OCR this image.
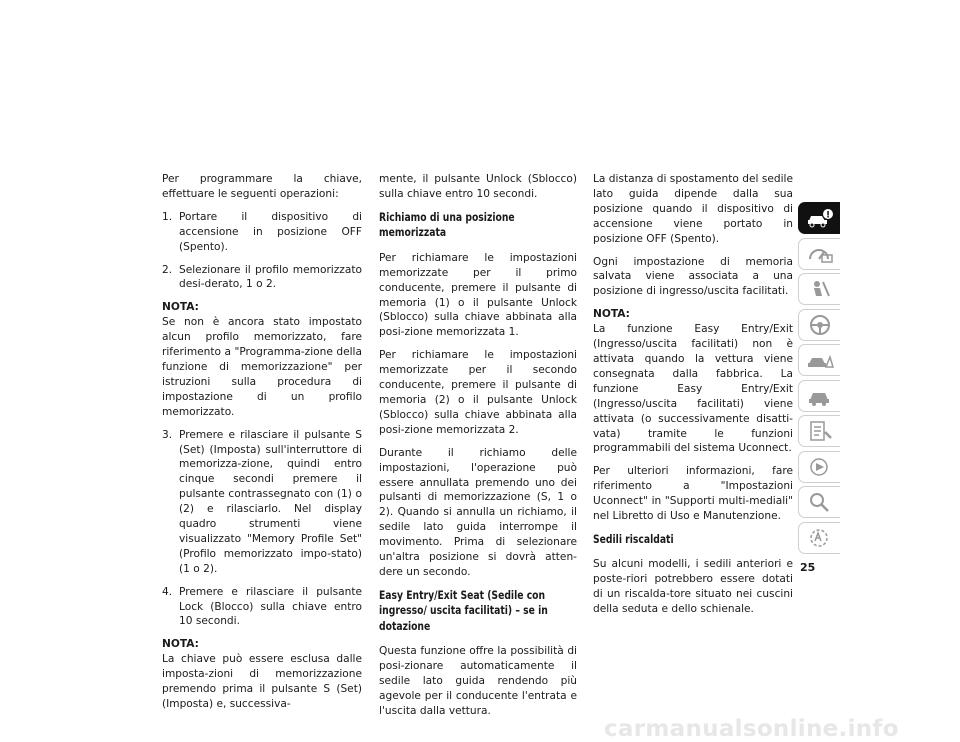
Per programmare la chiave, effettuare le seguenti operazioni:

1. Portare il dispositivo di accensione in posizione OFF (Spento).
2. Selezionare il profilo memorizzato desi-derato, 1 o 2.
NOTA:
Se non è ancora stato impostato alcun profilo memorizzato, fare riferimento a "Programma-zione della funzione di memorizzazione" per istruzioni sulla procedura di impostazione di un profilo memorizzato.
3. Premere e rilasciare il pulsante S (Set) (Imposta) sull'interruttore di memorizza-zione, quindi entro cinque secondi premere il pulsante contrassegnato con (1) o (2) e rilasciarlo. Nel display quadro strumenti viene visualizzato "Memory Profile Set" (Profilo memorizzato impo-stato) (1 o 2).
4. Premere e rilasciare il pulsante Lock (Blocco) sulla chiave entro 10 secondi.
NOTA:
La chiave può essere esclusa dalle imposta-zioni di memorizzazione premendo prima il pulsante S (Set) (Imposta) e, successiva-

mente, il pulsante Unlock (Sblocco) sulla chiave entro 10 secondi.

Richiamo di una posizione memorizzata

Per richiamare le impostazioni memorizzate per il primo conducente, premere il pulsante di memoria (1) o il pulsante Unlock (Sblocco) sulla chiave abbinata alla posi-zione memorizzata 1.

Per richiamare le impostazioni memorizzate per il secondo conducente, premere il pulsante di memoria (2) o il pulsante Unlock (Sblocco) sulla chiave abbinata alla posi-zione memorizzata 2.

Durante il richiamo delle impostazioni, l'operazione può essere annullata premendo uno dei pulsanti di memorizzazione (S, 1 o 2). Quando si annulla un richiamo, il sedile lato guida interrompe il movimento. Prima di selezionare un'altra posizione si dovrà atten-dere un secondo.

Easy Entry/Exit Seat (Sedile con ingresso/ uscita facilitati) – se in dotazione

Questa funzione offre la possibilità di posi-zionare automaticamente il sedile lato guida rendendo più agevole per il conducente l'entrata e l'uscita dalla vettura.

La distanza di spostamento del sedile lato guida dipende dalla sua posizione quando il dispositivo di accensione viene portato in posizione OFF (Spento).

Ogni impostazione di memoria salvata viene associata a una posizione di ingresso/uscita facilitati.

NOTA:
La funzione Easy Entry/Exit (Ingresso/uscita facilitati) non è attivata quando la vettura viene consegnata dalla fabbrica. La funzione Easy Entry/Exit (Ingresso/uscita facilitati) viene attivata (o successivamente disatti-vata) tramite le funzioni programmabili del sistema Uconnect.

Per ulteriori informazioni, fare riferimento a "Impostazioni Uconnect" in "Supporti multi-mediali" nel Libretto di Uso e Manutenzione.

Sedili riscaldati

Su alcuni modelli, i sedili anteriori e poste-riori potrebbero essere dotati di un riscalda-tore situato nei cuscini della seduta e dello schienale.

25
carmanualsonline.info
